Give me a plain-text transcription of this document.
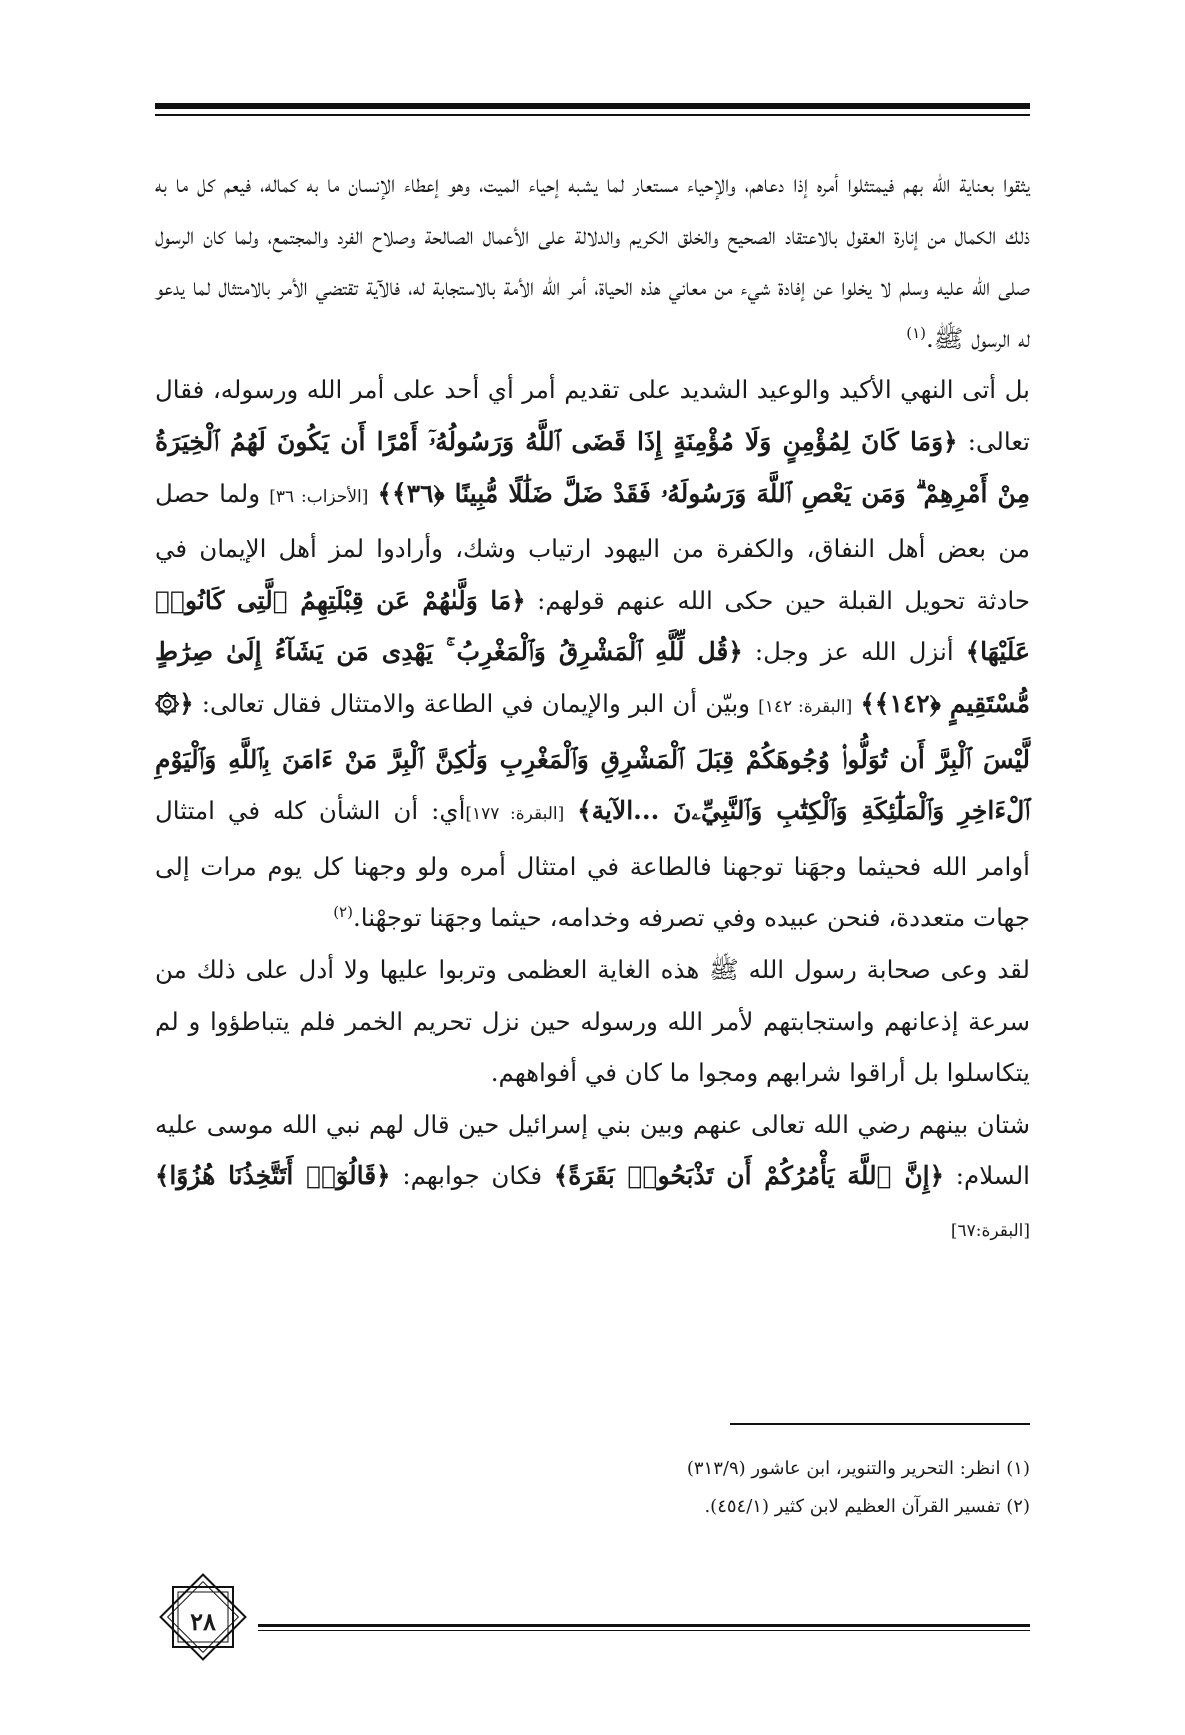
يثقوا بعناية الله بهم فيمتثلوا أمره إذا دعاهم، والإحياء مستعار لما يشبه إحياء الميت، وهو إعطاء الإنسان ما به كماله، فيعم كل ما به ذلك الكمال من إنارة العقول بالاعتقاد الصحيح والخلق الكريم والدلالة على الأعمال الصالحة وصلاح الفرد والمجتمع، ولما كان الرسول صلى الله عليه وسلم لا يخلوا عن إفادة شيء من معاني هذه الحياة، أمر الله الأمة بالاستجابة له، فالآية تقتضي الأمر بالامتثال لما يدعو له الرسول ﷺ.$^{(١)}$

بل أتى النهي الأكيد والوعيد الشديد على تقديم أمر أي أحد على أمر الله ورسوله، فقال تعالى: ﴿وَمَا كَانَ لِمُؤْمِنٍ وَلَا مُؤْمِنَةٍ إِذَا قَضَى ٱللَّهُ وَرَسُولُهُۥٓ أَمْرًا أَن يَكُونَ لَهُمُ ٱلْخِيَرَةُ مِنْ أَمْرِهِمْ ۗ وَمَن يَعْصِ ٱللَّهَ وَرَسُولَهُۥ فَقَدْ ضَلَّ ضَلَٰلًا مُّبِينًا ﴿٣٦﴾﴾ [الأحزاب: ٣٦] ولما حصل من بعض أهل النفاق، والكفرة من اليهود ارتياب وشك، وأرادوا لمز أهل الإيمان في حادثة تحويل القبلة حين حكى الله عنهم قولهم: ﴿مَا وَلَّىٰهُمْ عَن قِبْلَتِهِمُ ٱلَّتِى كَانُوا۟ عَلَيْهَا﴾ أنزل الله عز وجل: ﴿قُل لِّلَّهِ ٱلْمَشْرِقُ وَٱلْمَغْرِبُ ۚ يَهْدِى مَن يَشَآءُ إِلَىٰ صِرَٰطٍ مُّسْتَقِيمٍ ﴿١٤٢﴾﴾ [البقرة: ١٤٢] وبيّن أن البر والإيمان في الطاعة والامتثال فقال تعالى: ﴿۞ لَّيْسَ ٱلْبِرَّ أَن تُوَلُّوا۟ وُجُوهَكُمْ قِبَلَ ٱلْمَشْرِقِ وَٱلْمَغْرِبِ وَلَٰكِنَّ ٱلْبِرَّ مَنْ ءَامَنَ بِٱللَّهِ وَٱلْيَوْمِ ٱلْءَاخِرِ وَٱلْمَلَٰٓئِكَةِ وَٱلْكِتَٰبِ وَٱلنَّبِيِّۦنَ ...الآية﴾ [البقرة: ١٧٧]أي: أن الشأن كله في امتثال أوامر الله فحيثما وجهَنا توجهنا فالطاعة في امتثال أمره ولو وجهنا كل يوم مرات إلى جهات متعددة، فنحن عبيده وفي تصرفه وخدامه، حيثما وجهَنا توجهْنا.$^{(٢)}$

لقد وعى صحابة رسول الله ﷺ هذه الغاية العظمى وتربوا عليها ولا أدل على ذلك من سرعة إذعانهم واستجابتهم لأمر الله ورسوله حين نزل تحريم الخمر فلم يتباطؤوا و لم يتكاسلوا بل أراقوا شرابهم ومجوا ما كان في أفواههم.

شتان بينهم رضي الله تعالى عنهم وبين بني إسرائيل حين قال لهم نبي الله موسى عليه السلام: ﴿إِنَّ ٱللَّهَ يَأْمُرُكُمْ أَن تَذْبَحُوا۟ بَقَرَةً﴾ فكان جوابهم: ﴿قَالُوٓا۟ أَتَتَّخِذُنَا هُزُوًا﴾[البقرة:٦٧]

(١) انظر: التحرير والتنوير، ابن عاشور (٣١٣/٩)

(٢) تفسير القرآن العظيم لابن كثير (٤٥٤/١).

٢٨
